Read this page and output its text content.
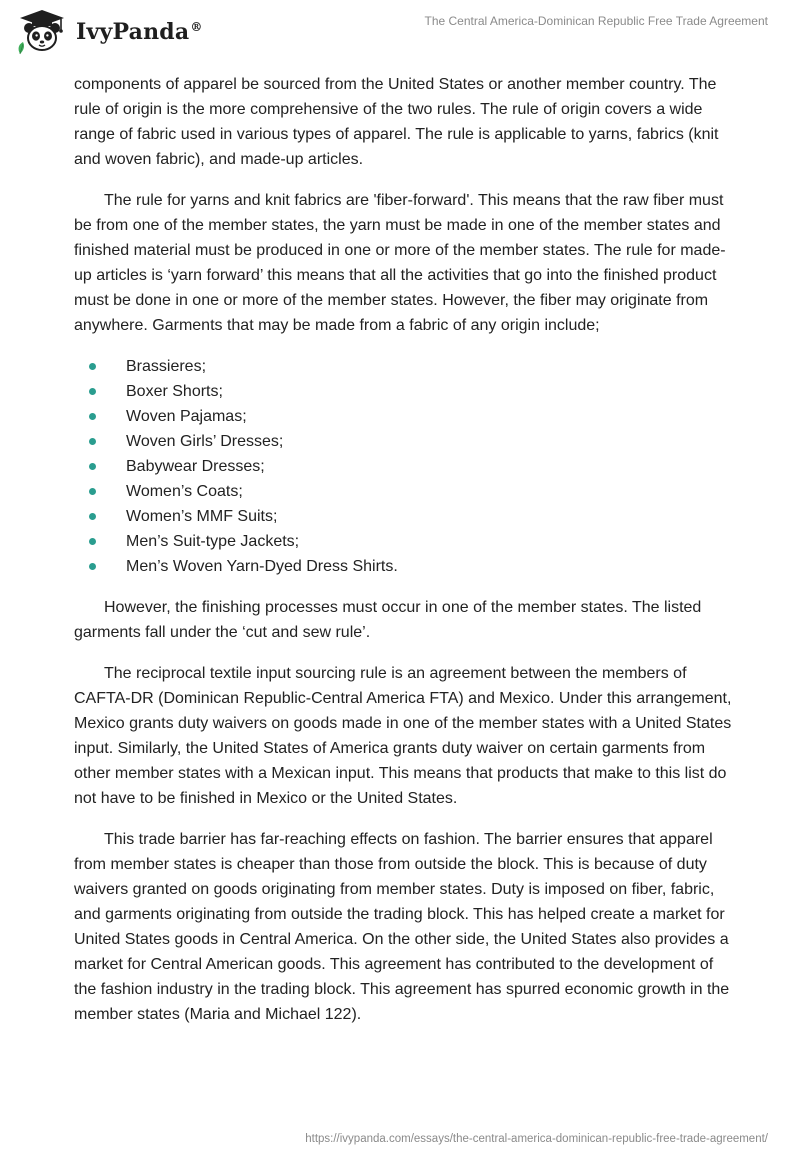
IvyPanda®	The Central America-Dominican Republic Free Trade Agreement

components of apparel be sourced from the United States or another member country. The rule of origin is the more comprehensive of the two rules. The rule of origin covers a wide range of fabric used in various types of apparel. The rule is applicable to yarns, fabrics (knit and woven fabric), and made-up articles.

The rule for yarns and knit fabrics are 'fiber-forward'. This means that the raw fiber must be from one of the member states, the yarn must be made in one of the member states and finished material must be produced in one or more of the member states. The rule for made-up articles is ‘yarn forward’ this means that all the activities that go into the finished product must be done in one or more of the member states. However, the fiber may originate from anywhere. Garments that may be made from a fabric of any origin include;

Brassieres;
Boxer Shorts;
Woven Pajamas;
Woven Girls’ Dresses;
Babywear Dresses;
Women’s Coats;
Women’s MMF Suits;
Men’s Suit-type Jackets;
Men’s Woven Yarn-Dyed Dress Shirts.

However, the finishing processes must occur in one of the member states. The listed garments fall under the ‘cut and sew rule’.

The reciprocal textile input sourcing rule is an agreement between the members of CAFTA-DR (Dominican Republic-Central America FTA) and Mexico. Under this arrangement, Mexico grants duty waivers on goods made in one of the member states with a United States input. Similarly, the United States of America grants duty waiver on certain garments from other member states with a Mexican input. This means that products that make to this list do not have to be finished in Mexico or the United States.

This trade barrier has far-reaching effects on fashion. The barrier ensures that apparel from member states is cheaper than those from outside the block. This is because of duty waivers granted on goods originating from member states. Duty is imposed on fiber, fabric, and garments originating from outside the trading block. This has helped create a market for United States goods in Central America. On the other side, the United States also provides a market for Central American goods. This agreement has contributed to the development of the fashion industry in the trading block. This agreement has spurred economic growth in the member states (Maria and Michael 122).

https://ivypanda.com/essays/the-central-america-dominican-republic-free-trade-agreement/
